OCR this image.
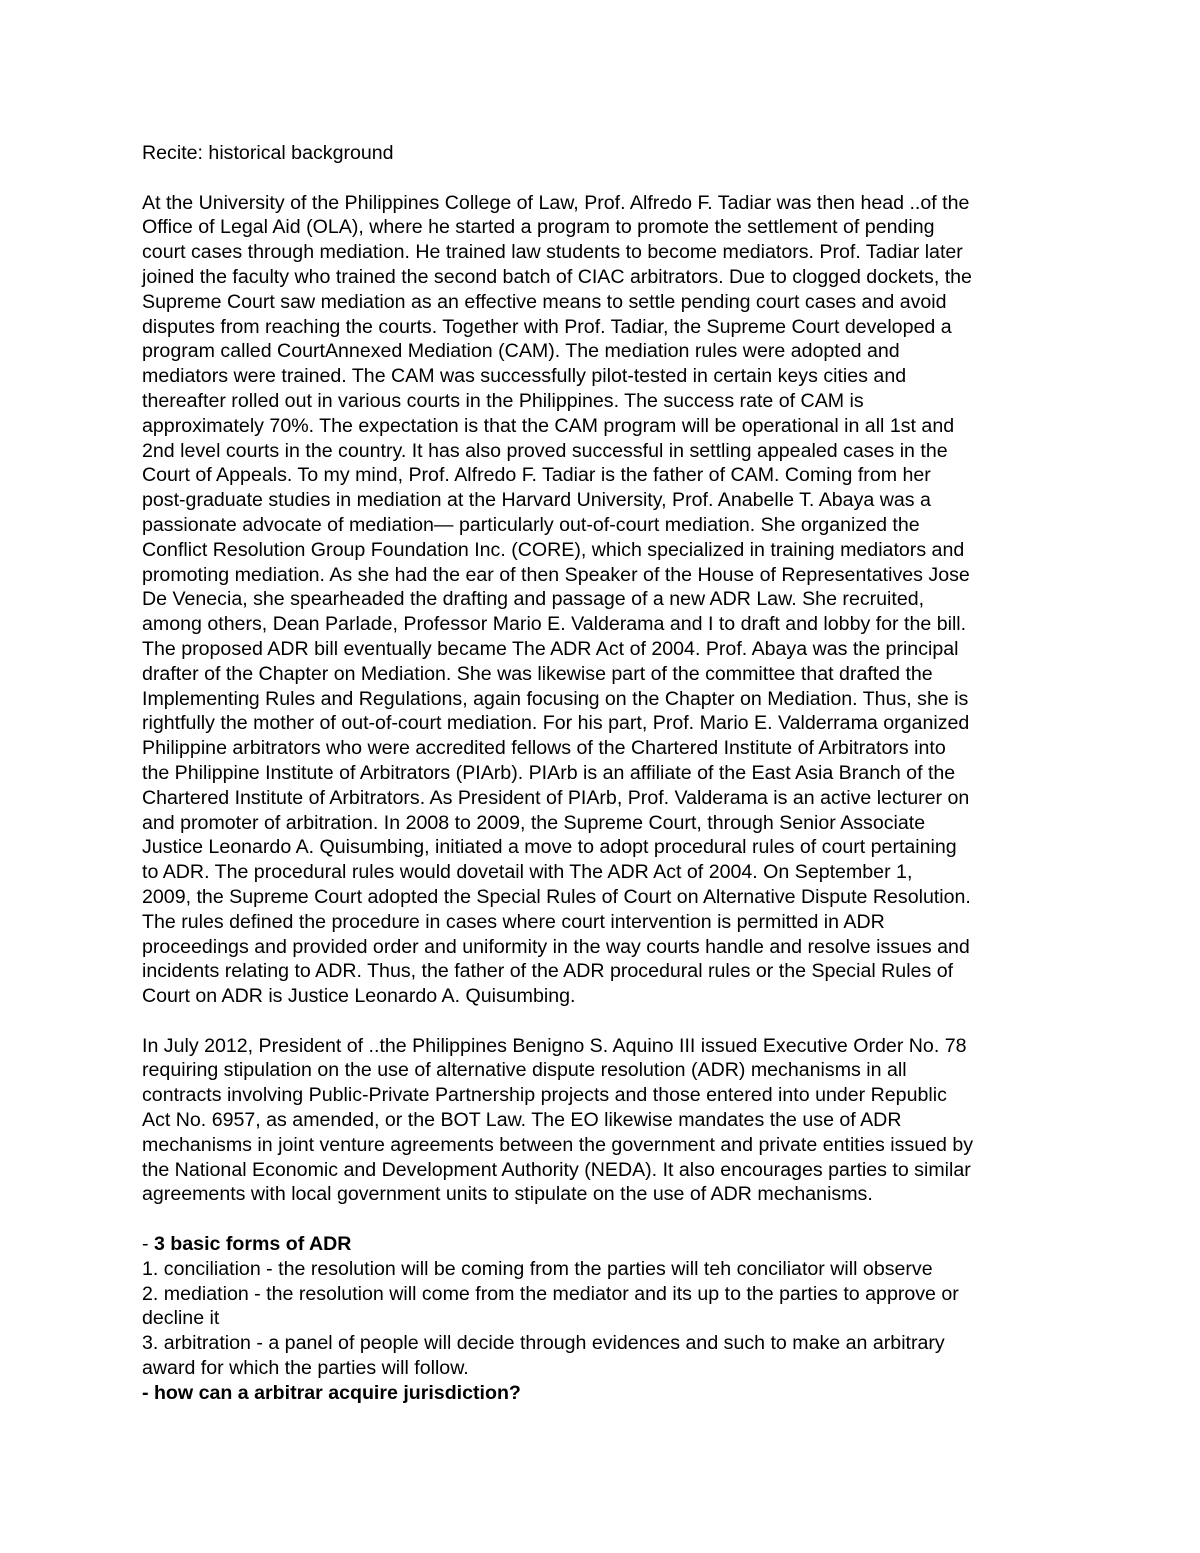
Recite: historical background
At the University of the Philippines College of Law, Prof. Alfredo F. Tadiar was then head ..of the
Office of Legal Aid (OLA), where he started a program to promote the settlement of pending
court cases through mediation. He trained law students to become mediators. Prof. Tadiar later
joined the faculty who trained the second batch of CIAC arbitrators. Due to clogged dockets, the
Supreme Court saw mediation as an effective means to settle pending court cases and avoid
disputes from reaching the courts. Together with Prof. Tadiar, the Supreme Court developed a
program called CourtAnnexed Mediation (CAM). The mediation rules were adopted and
mediators were trained. The CAM was successfully pilot-tested in certain keys cities and
thereafter rolled out in various courts in the Philippines. The success rate of CAM is
approximately 70%. The expectation is that the CAM program will be operational in all 1st and
2nd level courts in the country. It has also proved successful in settling appealed cases in the
Court of Appeals. To my mind, Prof. Alfredo F. Tadiar is the father of CAM. Coming from her
post-graduate studies in mediation at the Harvard University, Prof. Anabelle T. Abaya was a
passionate advocate of mediation— particularly out-of-court mediation. She organized the
Conflict Resolution Group Foundation Inc. (CORE), which specialized in training mediators and
promoting mediation. As she had the ear of then Speaker of the House of Representatives Jose
De Venecia, she spearheaded the drafting and passage of a new ADR Law. She recruited,
among others, Dean Parlade, Professor Mario E. Valderama and I to draft and lobby for the bill.
The proposed ADR bill eventually became The ADR Act of 2004. Prof. Abaya was the principal
drafter of the Chapter on Mediation. She was likewise part of the committee that drafted the
Implementing Rules and Regulations, again focusing on the Chapter on Mediation. Thus, she is
rightfully the mother of out-of-court mediation. For his part, Prof. Mario E. Valderrama organized
Philippine arbitrators who were accredited fellows of the Chartered Institute of Arbitrators into
the Philippine Institute of Arbitrators (PIArb). PIArb is an affiliate of the East Asia Branch of the
Chartered Institute of Arbitrators. As President of PIArb, Prof. Valderama is an active lecturer on
and promoter of arbitration. In 2008 to 2009, the Supreme Court, through Senior Associate
Justice Leonardo A. Quisumbing, initiated a move to adopt procedural rules of court pertaining
to ADR. The procedural rules would dovetail with The ADR Act of 2004. On September 1,
2009, the Supreme Court adopted the Special Rules of Court on Alternative Dispute Resolution.
The rules defined the procedure in cases where court intervention is permitted in ADR
proceedings and provided order and uniformity in the way courts handle and resolve issues and
incidents relating to ADR. Thus, the father of the ADR procedural rules or the Special Rules of
Court on ADR is Justice Leonardo A. Quisumbing.
In July 2012, President of ..the Philippines Benigno S. Aquino III issued Executive Order No. 78
requiring stipulation on the use of alternative dispute resolution (ADR) mechanisms in all
contracts involving Public-Private Partnership projects and those entered into under Republic
Act No. 6957, as amended, or the BOT Law. The EO likewise mandates the use of ADR
mechanisms in joint venture agreements between the government and private entities issued by
the National Economic and Development Authority (NEDA). It also encourages parties to similar
agreements with local government units to stipulate on the use of ADR mechanisms.
- 3 basic forms of ADR
1. conciliation - the resolution will be coming from the parties will teh conciliator will observe
2. mediation - the resolution will come from the mediator and its up to the parties to approve or
decline it
3. arbitration - a panel of people will decide through evidences and such to make an arbitrary
award for which the parties will follow.
- how can a arbitrar acquire jurisdiction?
